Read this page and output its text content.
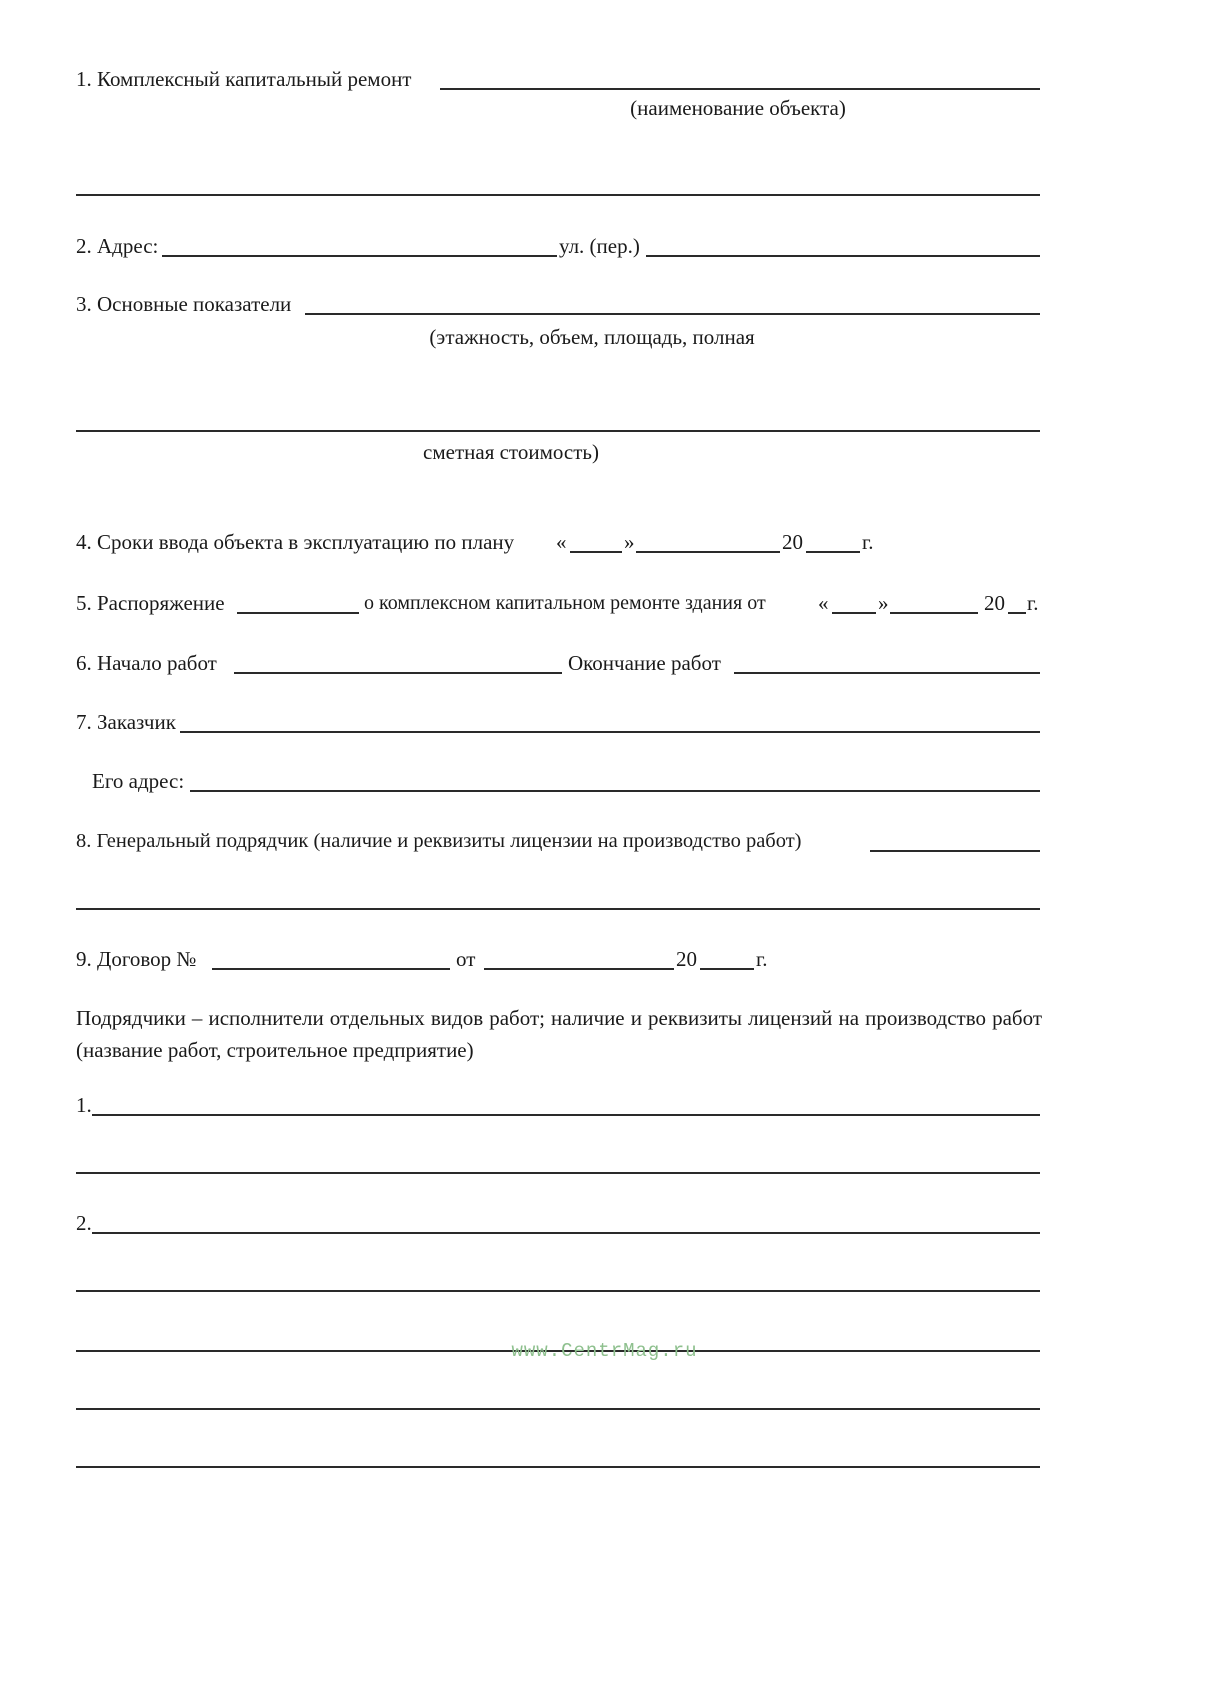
1. Комплексный капитальный ремонт
(наименование объекта)
2. Адрес:	ул. (пер.)
3. Основные показатели
(этажность, объем, площадь, полная
сметная стоимость)
4. Сроки ввода объекта в эксплуатацию по плану «	»	20	г.
5. Распоряжение	о комплексном капитальном ремонте здания от « »	20 г.
6. Начало работ	Окончание работ
7. Заказчик
Его адрес:
8. Генеральный подрядчик (наличие и реквизиты лицензии на производство работ)
9. Договор №	от	20	г.
Подрядчики – исполнители отдельных видов работ; наличие и реквизиты лицензий на производство работ (название работ, строительное предприятие)
1.
2.
www.CentrMag.ru
